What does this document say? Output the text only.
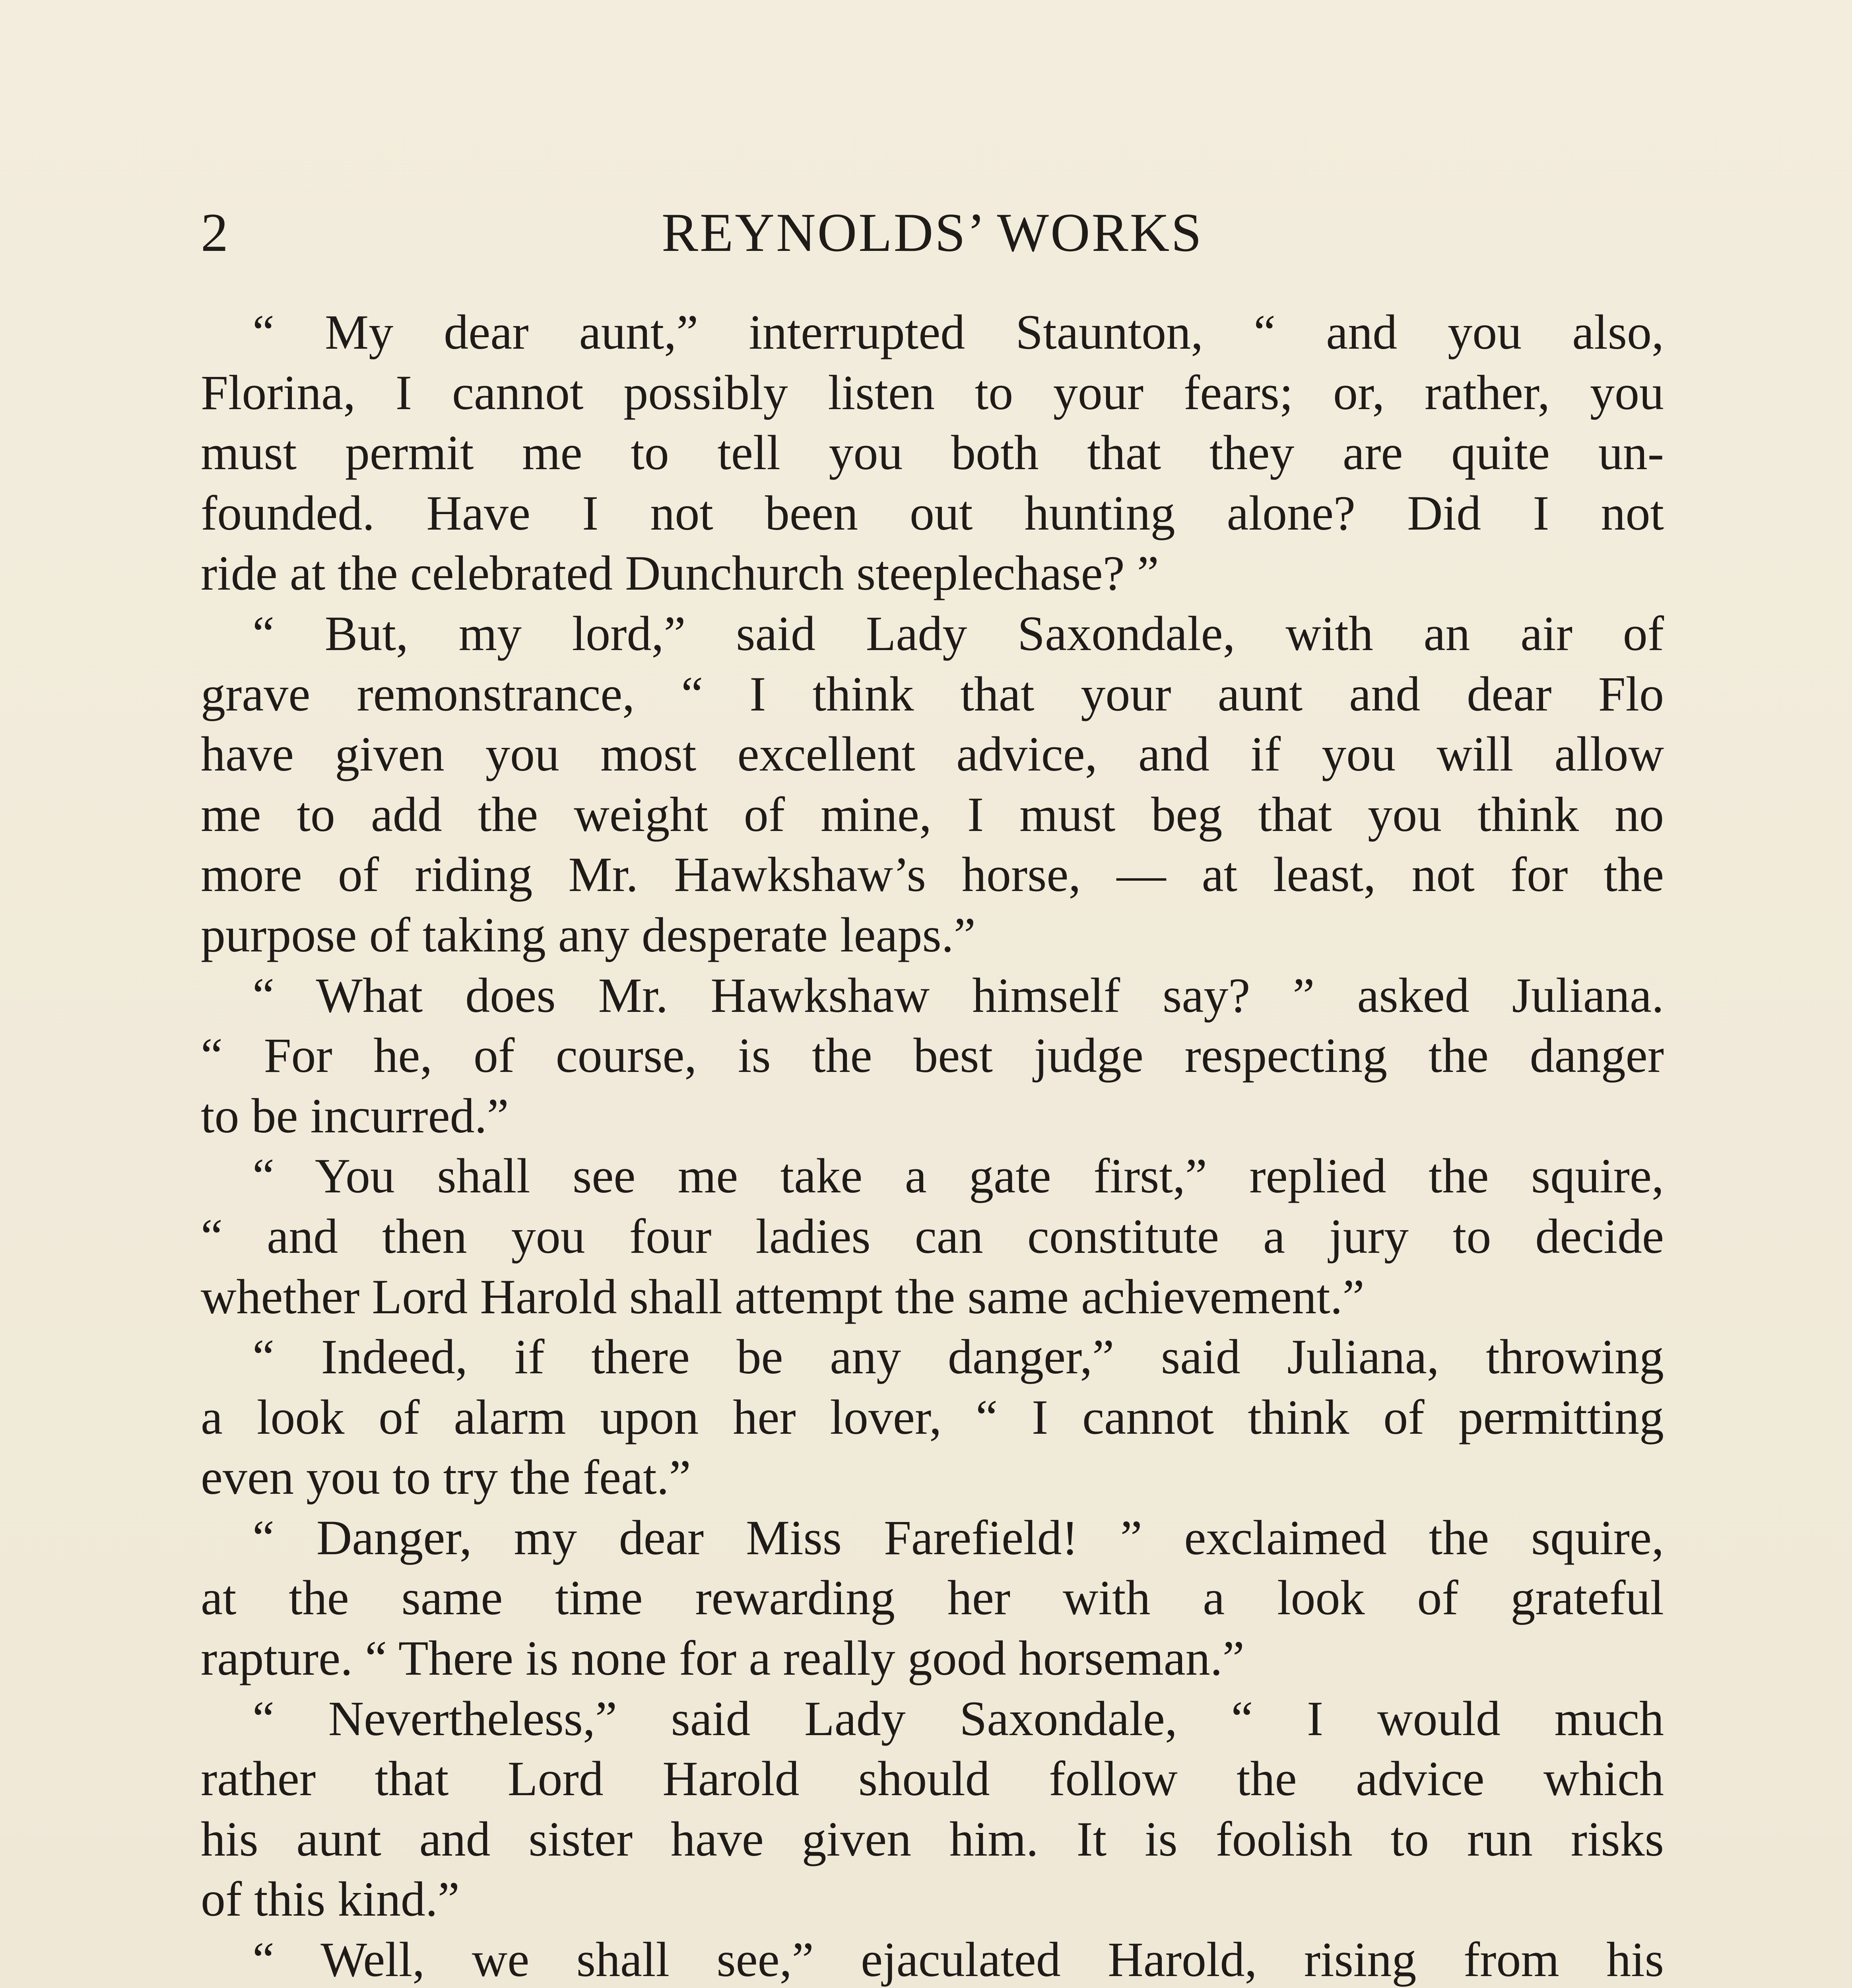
2	REYNOLDS’ WORKS
“ My dear aunt,” interrupted Staunton, “ and you also,
Florina, I cannot possibly listen to your fears; or, rather, you
must permit me to tell you both that they are quite un-
founded. Have I not been out hunting alone? Did I not
ride at the celebrated Dunchurch steeplechase? ”
“ But, my lord,” said Lady Saxondale, with an air of
grave remonstrance, “ I think that your aunt and dear Flo
have given you most excellent advice, and if you will allow
me to add the weight of mine, I must beg that you think no
more of riding Mr. Hawkshaw’s horse, — at least, not for the
purpose of taking any desperate leaps.”
“ What does Mr. Hawkshaw himself say? ” asked Juliana.
“ For he, of course, is the best judge respecting the danger
to be incurred.”
“ You shall see me take a gate first,” replied the squire,
“ and then you four ladies can constitute a jury to decide
whether Lord Harold shall attempt the same achievement.”
“ Indeed, if there be any danger,” said Juliana, throwing
a look of alarm upon her lover, “ I cannot think of permitting
even you to try the feat.”
“ Danger, my dear Miss Farefield! ” exclaimed the squire,
at the same time rewarding her with a look of grateful
rapture. “ There is none for a really good horseman.”
“ Nevertheless,” said Lady Saxondale, “ I would much
rather that Lord Harold should follow the advice which
his aunt and sister have given him. It is foolish to run risks
of this kind.”
“ Well, we shall see,” ejaculated Harold, rising from his
